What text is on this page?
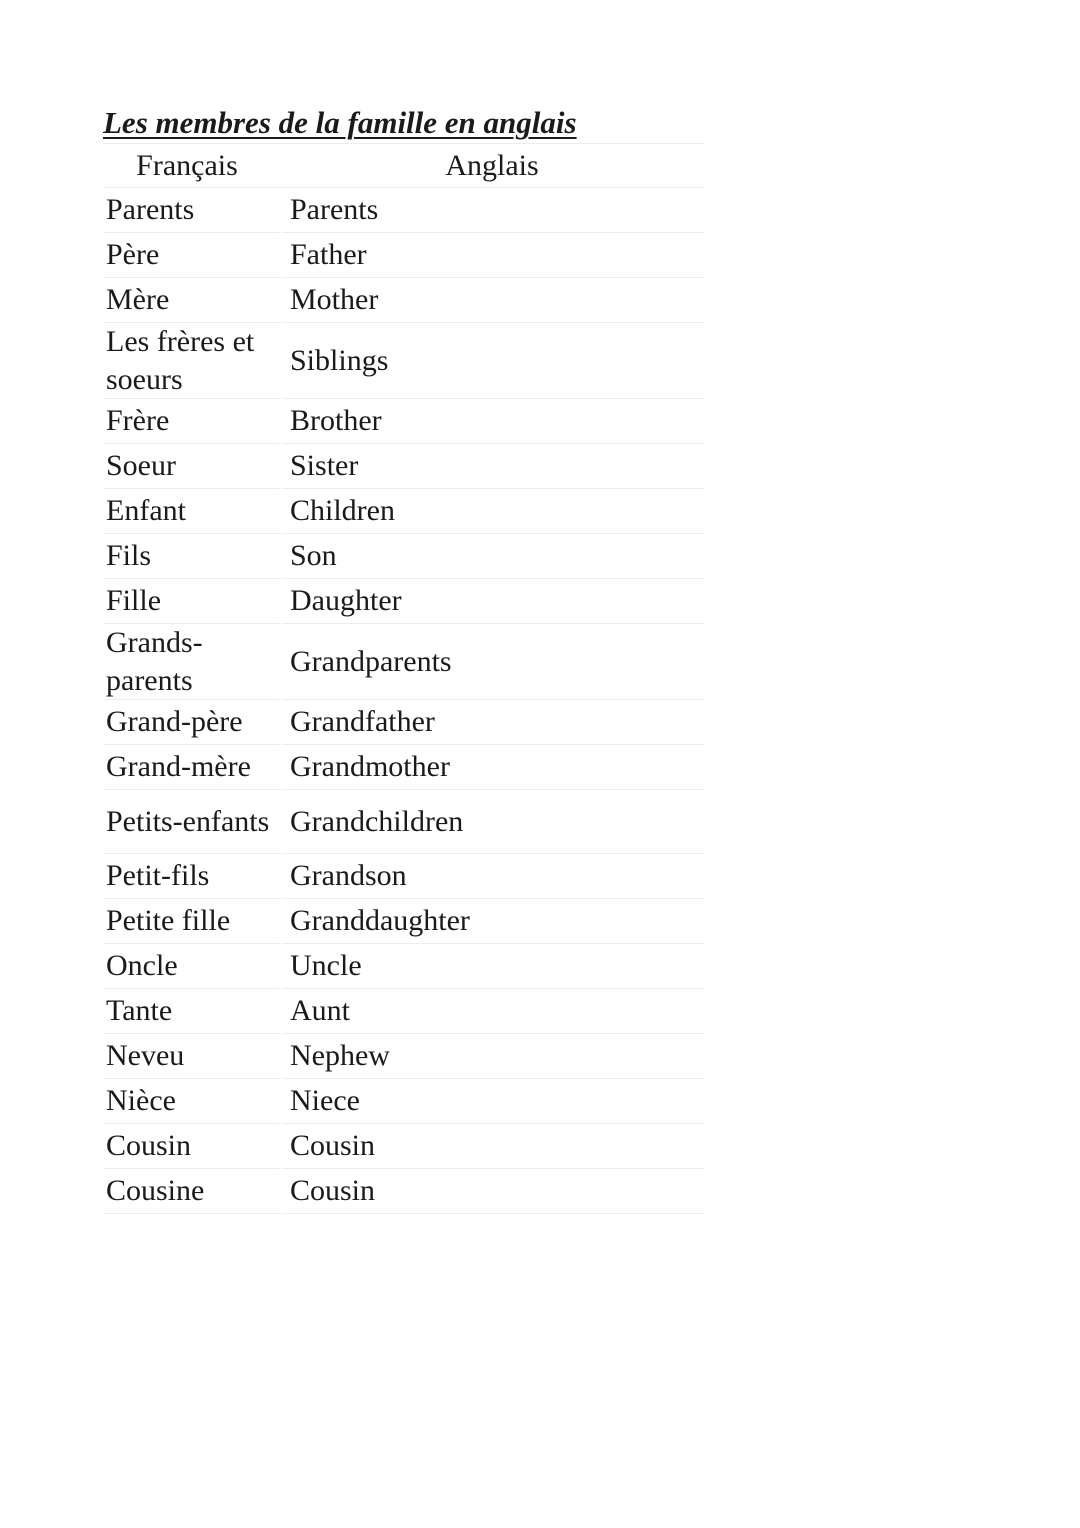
Les membres de la famille en anglais
Français	Anglais
Parents	Parents
Père	Father
Mère	Mother
Les frères et soeurs	Siblings
Frère	Brother
Soeur	Sister
Enfant	Children
Fils	Son
Fille	Daughter
Grands-parents	Grandparents
Grand-père	Grandfather
Grand-mère	Grandmother
Petits-enfants	Grandchildren
Petit-fils	Grandson
Petite fille	Granddaughter
Oncle	Uncle
Tante	Aunt
Neveu	Nephew
Nièce	Niece
Cousin	Cousin
Cousine	Cousin
